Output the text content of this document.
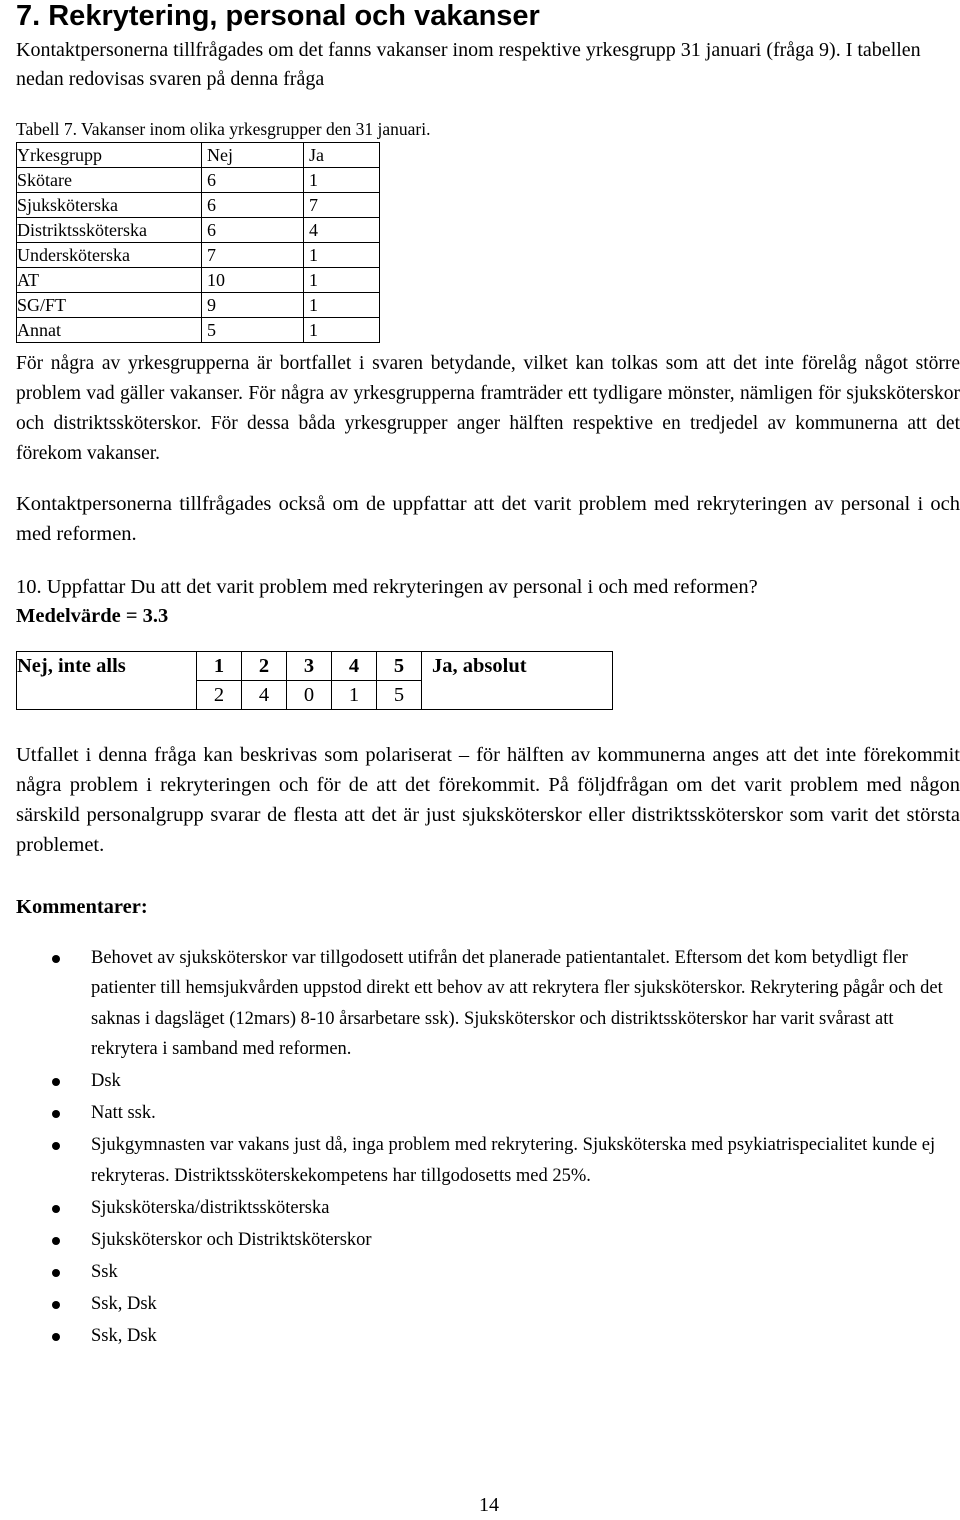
7. Rekrytering, personal och vakanser

Kontaktpersonerna tillfrågades om det fanns vakanser inom respektive yrkesgrupp 31 januari (fråga 9). I tabellen nedan redovisas svaren på denna fråga

Tabell 7. Vakanser inom olika yrkesgrupper den 31 januari.

Yrkesgrupp	Nej	Ja
Skötare	6	1
Sjuksköterska	6	7
Distriktssköterska	6	4
Undersköterska	7	1
AT	10	1
SG/FT	9	1
Annat	5	1

För några av yrkesgrupperna är bortfallet i svaren betydande, vilket kan tolkas som att det inte förelåg något större problem vad gäller vakanser. För några av yrkesgrupperna framträder ett tydligare mönster, nämligen för sjuksköterskor och distriktssköterskor. För dessa båda yrkesgrupper anger hälften respektive en tredjedel av kommunerna att det förekom vakanser.

Kontaktpersonerna tillfrågades också om de uppfattar att det varit problem med rekryteringen av personal i och med reformen.

10. Uppfattar Du att det varit problem med rekryteringen av personal i och med reformen?
Medelvärde = 3.3

Nej, inte alls	1	2	3	4	5	Ja, absolut
	2	4	0	1	5	

Utfallet i denna fråga kan beskrivas som polariserat – för hälften av kommunerna anges att det inte förekommit några problem i rekryteringen och för de att det förekommit. På följdfrågan om det varit problem med någon särskild personalgrupp svarar de flesta att det är just sjuksköterskor eller distriktssköterskor som varit det största problemet.

Kommentarer:

Behovet av sjuksköterskor var tillgodosett utifrån det planerade patientantalet. Eftersom det kom betydligt fler patienter till hemsjukvården uppstod direkt ett behov av att rekrytera fler sjuksköterskor. Rekrytering pågår och det saknas i dagsläget (12mars) 8-10 årsarbetare ssk). Sjuksköterskor och distriktssköterskor har varit svårast att rekrytera i samband med reformen.
Dsk
Natt ssk.
Sjukgymnasten var vakans just då, inga problem med rekrytering. Sjuksköterska med psykiatrispecialitet kunde ej rekryteras. Distriktssköterskekompetens har tillgodosetts med 25%.
Sjuksköterska/distriktssköterska
Sjuksköterskor och Distriktsköterskor
Ssk
Ssk, Dsk
Ssk, Dsk
14
